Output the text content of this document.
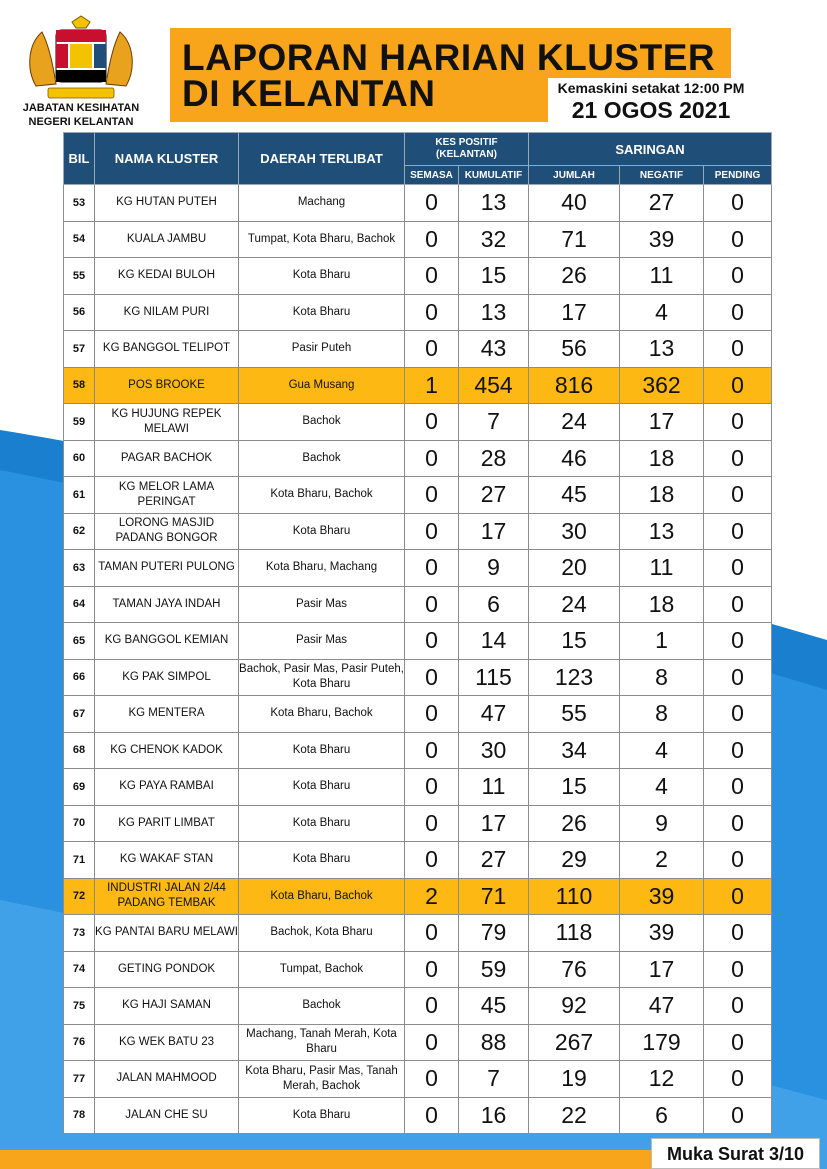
JABATAN KESIHATAN
NEGERI KELANTAN
LAPORAN HARIAN KLUSTER
DI KELANTAN	Kemaskini setakat 12:00 PM
21 OGOS 2021
BIL	NAMA KLUSTER	DAERAH TERLIBAT	KES POSITIF (KELANTAN)		SARINGAN		
			SEMASA	KUMULATIF	JUMLAH	NEGATIF	PENDING
53	KG HUTAN PUTEH	Machang	0	13	40	27	0
54	KUALA JAMBU	Tumpat, Kota Bharu, Bachok	0	32	71	39	0
55	KG KEDAI BULOH	Kota Bharu	0	15	26	11	0
56	KG NILAM PURI	Kota Bharu	0	13	17	4	0
57	KG BANGGOL TELIPOT	Pasir Puteh	0	43	56	13	0
58	POS BROOKE	Gua Musang	1	454	816	362	0
59	KG HUJUNG REPEK MELAWI	Bachok	0	7	24	17	0
60	PAGAR BACHOK	Bachok	0	28	46	18	0
61	KG MELOR LAMA PERINGAT	Kota Bharu, Bachok	0	27	45	18	0
62	LORONG MASJID PADANG BONGOR	Kota Bharu	0	17	30	13	0
63	TAMAN PUTERI PULONG	Kota Bharu, Machang	0	9	20	11	0
64	TAMAN JAYA INDAH	Pasir Mas	0	6	24	18	0
65	KG BANGGOL KEMIAN	Pasir Mas	0	14	15	1	0
66	KG PAK SIMPOL	Bachok, Pasir Mas, Pasir Puteh, Kota Bharu	0	115	123	8	0
67	KG MENTERA	Kota Bharu, Bachok	0	47	55	8	0
68	KG CHENOK KADOK	Kota Bharu	0	30	34	4	0
69	KG PAYA RAMBAI	Kota Bharu	0	11	15	4	0
70	KG PARIT LIMBAT	Kota Bharu	0	17	26	9	0
71	KG WAKAF STAN	Kota Bharu	0	27	29	2	0
72	INDUSTRI JALAN 2/44 PADANG TEMBAK	Kota Bharu, Bachok	2	71	110	39	0
73	KG PANTAI BARU MELAWI	Bachok, Kota Bharu	0	79	118	39	0
74	GETING PONDOK	Tumpat, Bachok	0	59	76	17	0
75	KG HAJI SAMAN	Bachok	0	45	92	47	0
76	KG WEK BATU 23	Machang, Tanah Merah, Kota Bharu	0	88	267	179	0
77	JALAN MAHMOOD	Kota Bharu, Pasir Mas, Tanah Merah, Bachok	0	7	19	12	0
78	JALAN CHE SU	Kota Bharu	0	16	22	6	0
Muka Surat 3/10
